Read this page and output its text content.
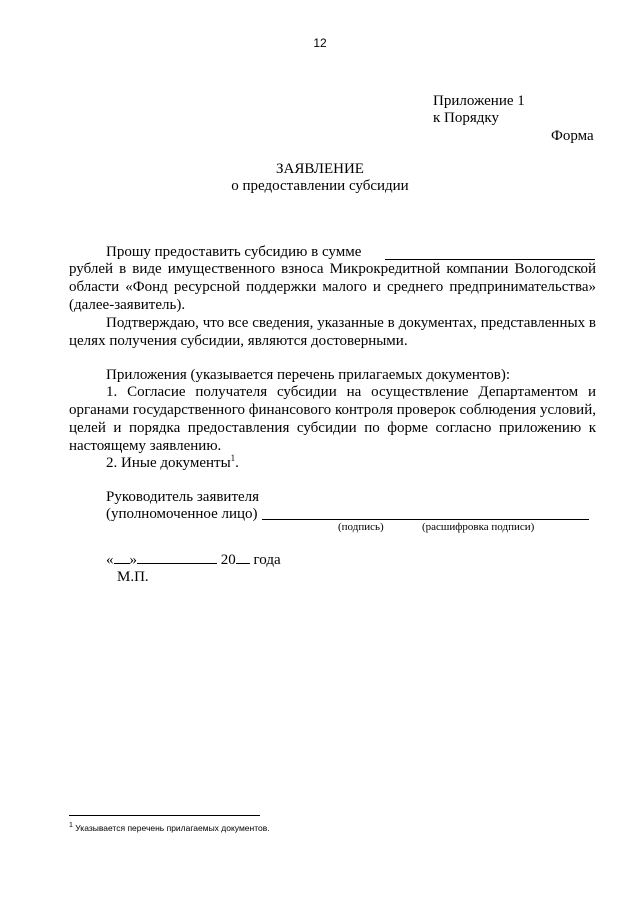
12
Приложение 1
к Порядку
Форма
ЗАЯВЛЕНИЕ
о предоставлении субсидии
Прошу предоставить субсидию в сумме
рублей в виде имущественного взноса Микрокредитной компании Вологодской области «Фонд ресурсной поддержки малого и среднего предпринимательства» (далее-заявитель).
Подтверждаю, что все сведения, указанные в документах, представленных в целях получения субсидии, являются достоверными.
Приложения (указывается перечень прилагаемых документов):
1. Согласие получателя субсидии на осуществление Департаментом и органами государственного финансового контроля проверок соблюдения условий, целей и порядка предоставления субсидии по форме согласно приложению к настоящему заявлению.
2. Иные документы$^1$.
Руководитель заявителя
(уполномоченное лицо)
(подпись)	(расшифровка подписи)
« »	20 года
М.П.
$^1$ Указывается перечень прилагаемых документов.
